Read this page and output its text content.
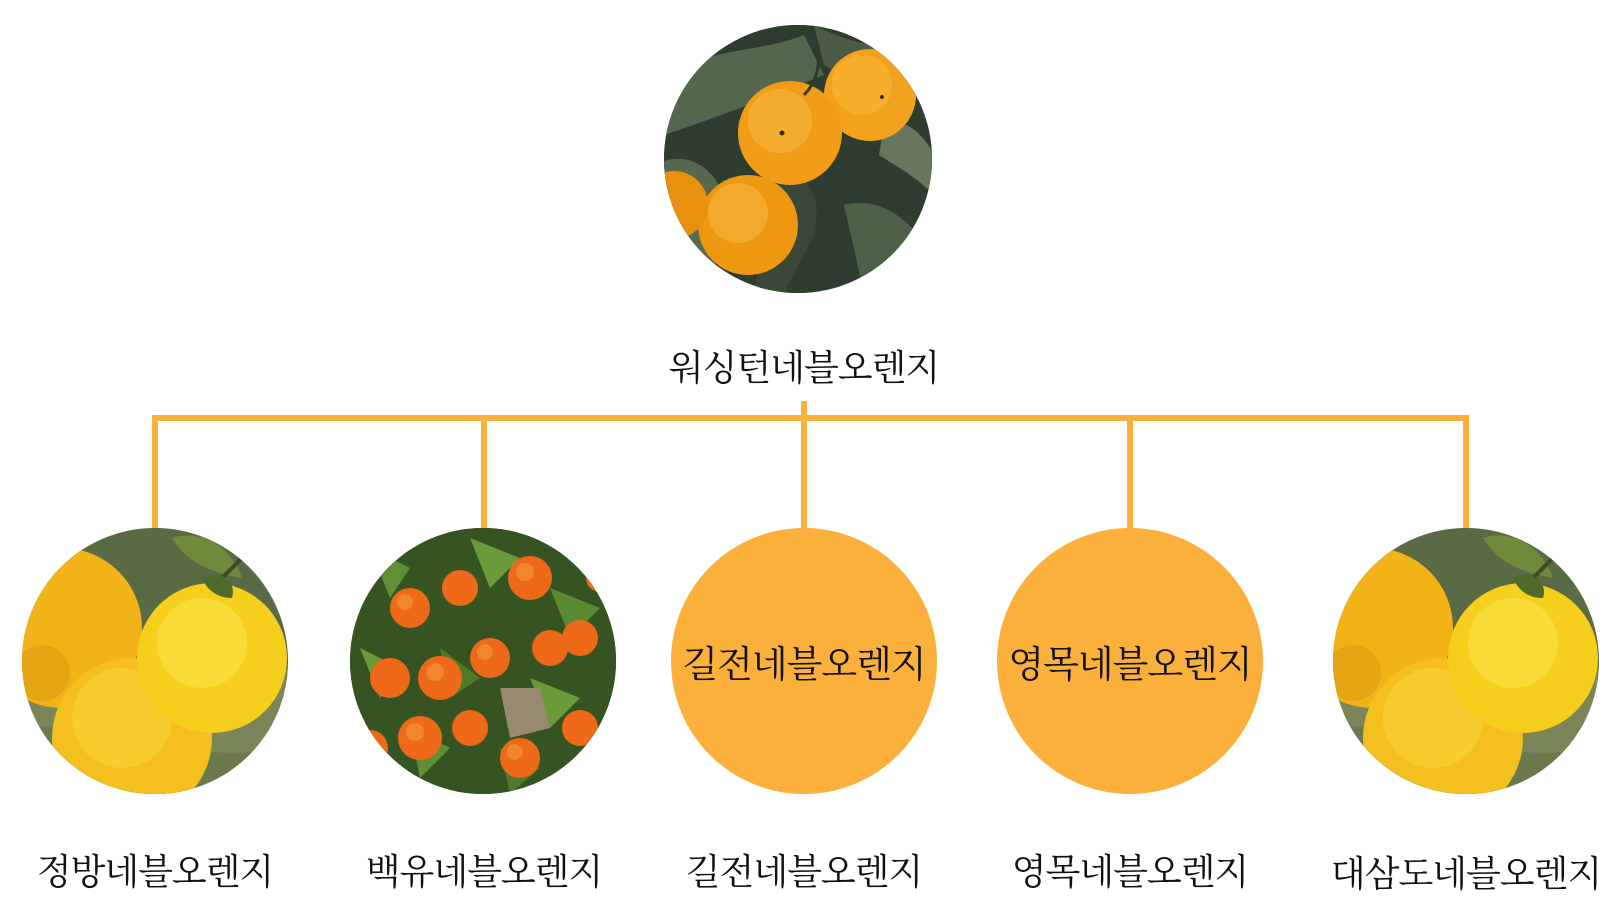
워싱턴네블오렌지
정방네블오렌지	백유네블오렌지
길전네블오렌지
길전네블오렌지
영목네블오렌지
영목네블오렌지 대삼도네블오렌지
